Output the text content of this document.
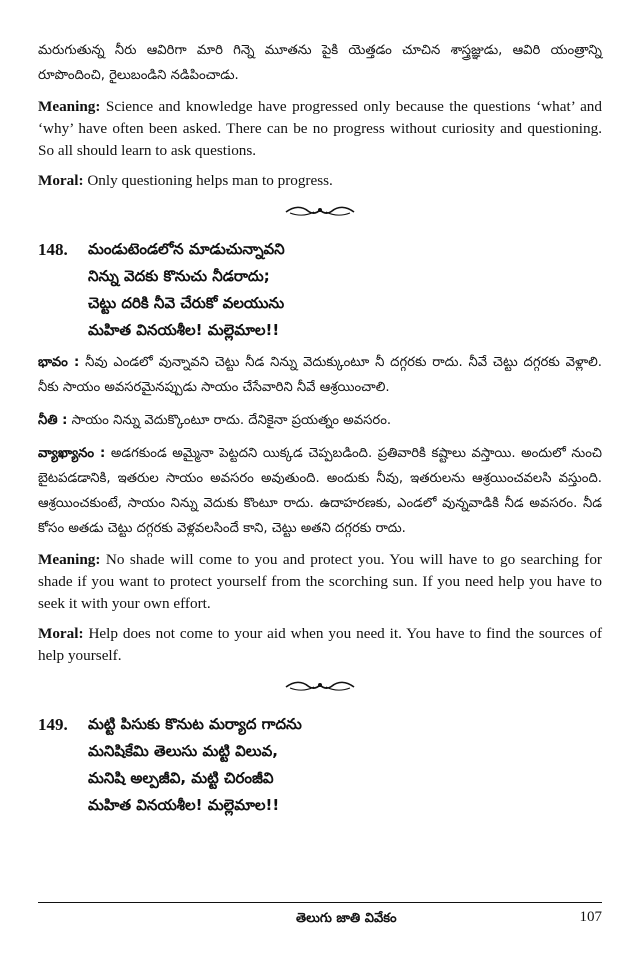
మరుగుతున్న నీరు ఆవిరిగా మారి గిన్నె మూతను పైకి యెత్తడం చూచిన శాస్త్రజ్ఞుడు, ఆవిరి యంత్రాన్ని రూపొందించి, రైలుబండిని నడిపించాడు.

Meaning: Science and knowledge have progressed only because the questions ‘what’ and ‘why’ have often been asked. There can be no progress without curiosity and questioning. So all should learn to ask questions.

Moral: Only questioning helps man to progress.

148.	మండుటెండలోన మాడుచున్నావని
నిన్ను వెదకు కొనుచు నీడరాదు;
చెట్టు దరికి నీవె చేరుకో వలయును
మహిత వినయశీల! మల్లెమాల!!

భావం : నీవు ఎండలో వున్నావని చెట్టు నీడ నిన్ను వెదుక్కుంటూ నీ దగ్గరకు రాదు. నీవే చెట్టు దగ్గరకు వెళ్లాలి. నీకు సాయం అవసరమైనప్పుడు సాయం చేసేవారిని నీవే ఆశ్రయించాలి.

నీతి : సాయం నిన్ను వెదుక్కొంటూ రాదు. దేనికైనా ప్రయత్నం అవసరం.

వ్యాఖ్యానం : అడగకుండ అమ్మైనా పెట్టదని యిక్కడ చెప్పబడింది. ప్రతివారికి కష్టాలు వస్తాయి. అందులో నుంచి బైటపడడానికి, ఇతరుల సాయం అవసరం అవుతుంది. అందుకు నీవు, ఇతరులను ఆశ్రయించవలసి వస్తుంది. ఆశ్రయించకుంటే, సాయం నిన్ను వెదుకు కొంటూ రాదు. ఉదాహరణకు, ఎండలో వున్నవాడికి నీడ అవసరం. నీడ కోసం అతడు చెట్టు దగ్గరకు వెళ్లవలసిందే కాని, చెట్టు అతని దగ్గరకు రాదు.

Meaning: No shade will come to you and protect you. You will have to go searching for shade if you want to protect yourself from the scorching sun. If you need help you have to seek it with your own effort.

Moral: Help does not come to your aid when you need it. You have to find the sources of help yourself.

149.	మట్టి పిసుకు కొనుట మర్యాద గాదను
మనిషికేమి తెలుసు మట్టి విలువ,
మనిషి అల్పజీవి, మట్టి చిరంజీవి
మహిత వినయశీల! మల్లెమాల!!
తెలుగు జాతి వివేకం	107
